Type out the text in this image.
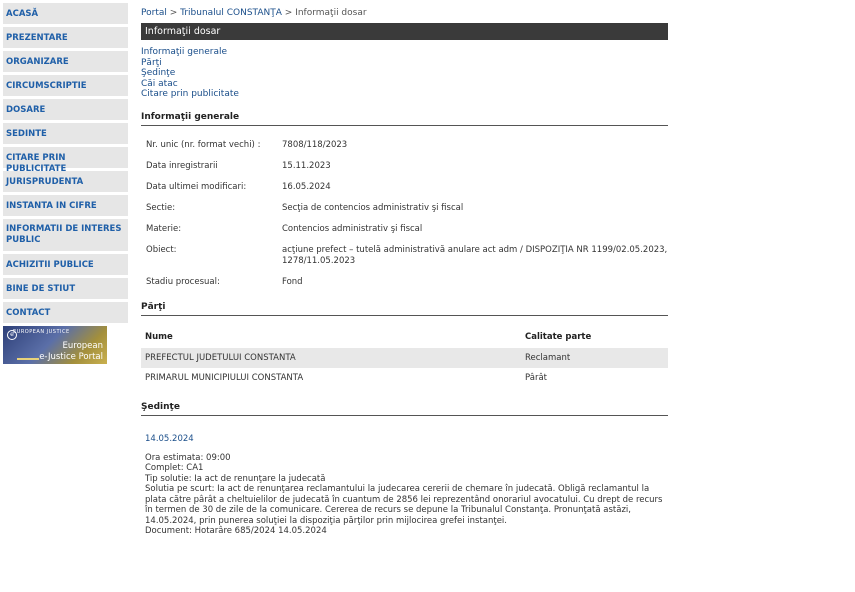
ACASĂ
PREZENTARE
ORGANIZARE
CIRCUMSCRIPTIE
DOSARE
SEDINTE
CITARE PRIN PUBLICITATE
JURISPRUDENTA
INSTANTA IN CIFRE
INFORMATII DE INTERES PUBLIC
ACHIZITII PUBLICE
BINE DE STIUT
CONTACT
e EUROPEAN JUSTICE
European
e-Justice Portal
Portal > Tribunalul CONSTANŢA > Informaţii dosar
Informaţii dosar
Informaţii generale
Părţi
Şedinţe
Căi atac
Citare prin publicitate
Informaţii generale
Nr. unic (nr. format vechi) :	7808/118/2023
Data inregistrarii	15.11.2023
Data ultimei modificari:	16.05.2024
Sectie:	Secţia de contencios administrativ şi fiscal
Materie:	Contencios administrativ şi fiscal
Obiect:	acţiune prefect – tutelă administrativă anulare act adm / DISPOZIŢIA NR 1199/02.05.2023, 1278/11.05.2023
Stadiu procesual:	Fond
Părţi
Nume	Calitate parte
PREFECTUL JUDETULUI CONSTANTA	Reclamant
PRIMARUL MUNICIPIULUI CONSTANTA	Pârât
Şedinţe
14.05.2024
Ora estimata: 09:00
Complet: CA1
Tip solutie: Ia act de renunţare la judecată
Solutia pe scurt: Ia act de renunţarea reclamantului la judecarea cererii de chemare în judecată. Obligă reclamantul la plata către pârât a cheltuielilor de judecată în cuantum de 2856 lei reprezentând onorariul avocatului. Cu drept de recurs în termen de 30 de zile de la comunicare. Cererea de recurs se depune la Tribunalul Constanţa. Pronunţată astăzi, 14.05.2024, prin punerea soluţiei la dispoziţia părţilor prin mijlocirea grefei instanţei.
Document: Hotarâre 685/2024 14.05.2024
